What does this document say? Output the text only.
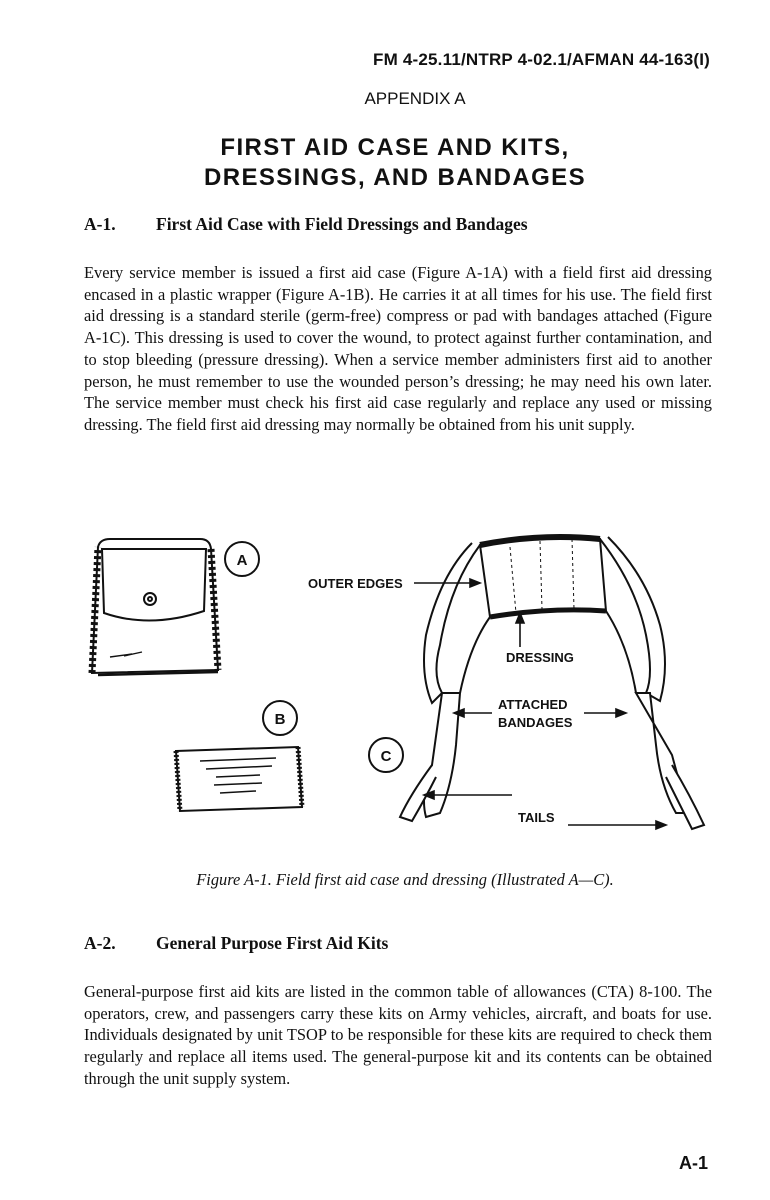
FM 4-25.11/NTRP 4-02.1/AFMAN 44-163(I)
APPENDIX A
FIRST AID CASE AND KITS,
DRESSINGS, AND BANDAGES
A-1. First Aid Case with Field Dressings and Bandages

Every service member is issued a first aid case (Figure A-1A) with a field first aid dressing encased in a plastic wrapper (Figure A-1B). He carries it at all times for his use. The field first aid dressing is a standard sterile (germ-free) compress or pad with bandages attached (Figure A-1C). This dressing is used to cover the wound, to protect against further contamination, and to stop bleeding (pressure dressing). When a service member administers first aid to another person, he must remember to use the wounded person’s dressing; he may need his own later. The service member must check his first aid case regularly and replace any used or missing dressing. The field first aid dressing may normally be obtained from his unit supply.

A
B
C
OUTER EDGES
DRESSING
ATTACHED
BANDAGES
TAILS
Figure A-1. Field first aid case and dressing (Illustrated A—C).
A-2. General Purpose First Aid Kits

General-purpose first aid kits are listed in the common table of allowances (CTA) 8-100. The operators, crew, and passengers carry these kits on Army vehicles, aircraft, and boats for use. Individuals designated by unit TSOP to be responsible for these kits are required to check them regularly and replace all items used. The general-purpose kit and its contents can be obtained through the unit supply system.

A-1
